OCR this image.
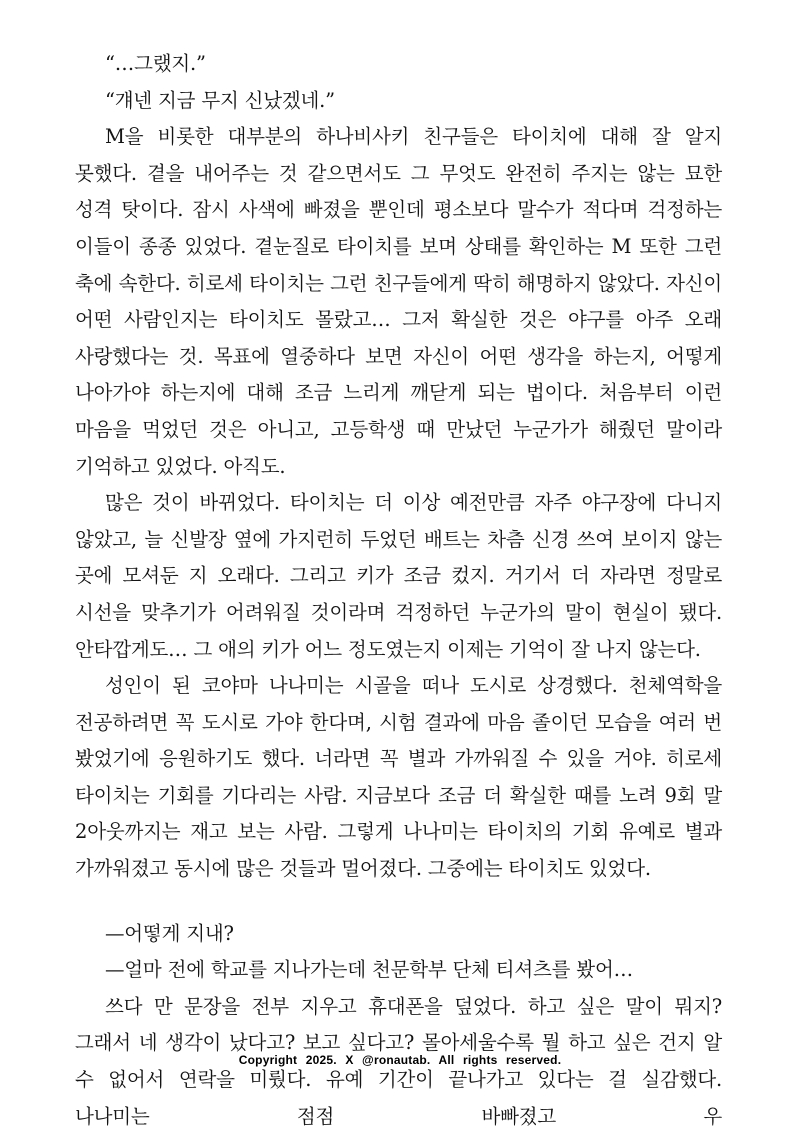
“…그랬지.”

“걔넨 지금 무지 신났겠네.”

M을 비롯한 대부분의 하나비사키 친구들은 타이치에 대해 잘 알지 못했다. 곁을 내어주는 것 같으면서도 그 무엇도 완전히 주지는 않는 묘한 성격 탓이다. 잠시 사색에 빠졌을 뿐인데 평소보다 말수가 적다며 걱정하는 이들이 종종 있었다. 곁눈질로 타이치를 보며 상태를 확인하는 M 또한 그런 축에 속한다. 히로세 타이치는 그런 친구들에게 딱히 해명하지 않았다. 자신이 어떤 사람인지는 타이치도 몰랐고… 그저 확실한 것은 야구를 아주 오래 사랑했다는 것. 목표에 열중하다 보면 자신이 어떤 생각을 하는지, 어떻게 나아가야 하는지에 대해 조금 느리게 깨닫게 되는 법이다. 처음부터 이런 마음을 먹었던 것은 아니고, 고등학생 때 만났던 누군가가 해줬던 말이라 기억하고 있었다. 아직도.

많은 것이 바뀌었다. 타이치는 더 이상 예전만큼 자주 야구장에 다니지 않았고, 늘 신발장 옆에 가지런히 두었던 배트는 차츰 신경 쓰여 보이지 않는 곳에 모셔둔 지 오래다. 그리고 키가 조금 컸지. 거기서 더 자라면 정말로 시선을 맞추기가 어려워질 것이라며 걱정하던 누군가의 말이 현실이 됐다. 안타깝게도… 그 애의 키가 어느 정도였는지 이제는 기억이 잘 나지 않는다.

성인이 된 코야마 나나미는 시골을 떠나 도시로 상경했다. 천체역학을 전공하려면 꼭 도시로 가야 한다며, 시험 결과에 마음 졸이던 모습을 여러 번 봤었기에 응원하기도 했다. 너라면 꼭 별과 가까워질 수 있을 거야. 히로세 타이치는 기회를 기다리는 사람. 지금보다 조금 더 확실한 때를 노려 9회 말 2아웃까지는 재고 보는 사람. 그렇게 나나미는 타이치의 기회 유예로 별과 가까워졌고 동시에 많은 것들과 멀어졌다. 그중에는 타이치도 있었다.

—어떻게 지내?

—얼마 전에 학교를 지나가는데 천문학부 단체 티셔츠를 봤어…

쓰다 만 문장을 전부 지우고 휴대폰을 덮었다. 하고 싶은 말이 뭐지? 그래서 네 생각이 났다고? 보고 싶다고? 몰아세울수록 뭘 하고 싶은 건지 알 수 없어서 연락을 미뤘다. 유예 기간이 끝나가고 있다는 걸 실감했다. 나나미는 점점 바빠졌고 우

Copyright 2025. X @ronautab. All rights reserved.
